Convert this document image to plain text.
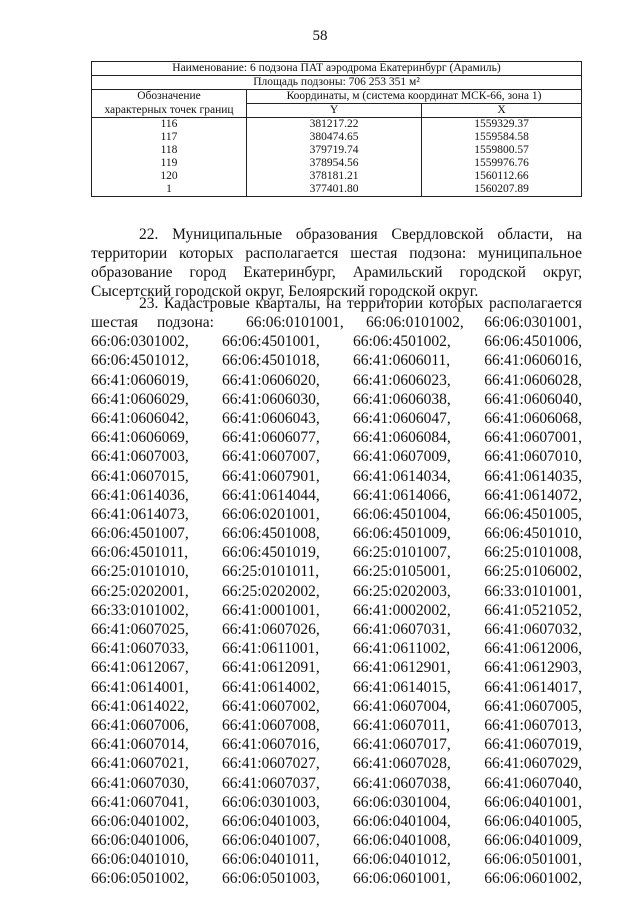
58
Наименование: 6 подзона ПАТ аэродрома Екатеринбург (Арамиль)		
Площадь подзоны: 706 253 351 м²		
Обозначение	Координаты, м (система координат МСК-66, зона 1)	
характерных точек границ	Y	X
116	381217.22	1559329.37
117	380474.65	1559584.58
118	379719.74	1559800.57
119	378954.56	1559976.76
120	378181.21	1560112.66
1	377401.80	1560207.89
22. Муниципальные образования Свердловской области, на
территории которых располагается шестая подзона: муниципальное
образование город Екатеринбург, Арамильский городской округ,
Сысертский городской округ, Белоярский городской округ.
23. Кадастровые кварталы, на территории которых располагается
шестая	подзона:	66:06:0101001,	66:06:0101002,	66:06:0301001,
66:06:0301002,	66:06:4501001,	66:06:4501002,	66:06:4501006,
66:06:4501012,	66:06:4501018,	66:41:0606011,	66:41:0606016,
66:41:0606019,	66:41:0606020,	66:41:0606023,	66:41:0606028,
66:41:0606029,	66:41:0606030,	66:41:0606038,	66:41:0606040,
66:41:0606042,	66:41:0606043,	66:41:0606047,	66:41:0606068,
66:41:0606069,	66:41:0606077,	66:41:0606084,	66:41:0607001,
66:41:0607003,	66:41:0607007,	66:41:0607009,	66:41:0607010,
66:41:0607015,	66:41:0607901,	66:41:0614034,	66:41:0614035,
66:41:0614036,	66:41:0614044,	66:41:0614066,	66:41:0614072,
66:41:0614073,	66:06:0201001,	66:06:4501004,	66:06:4501005,
66:06:4501007,	66:06:4501008,	66:06:4501009,	66:06:4501010,
66:06:4501011,	66:06:4501019,	66:25:0101007,	66:25:0101008,
66:25:0101010,	66:25:0101011,	66:25:0105001,	66:25:0106002,
66:25:0202001,	66:25:0202002,	66:25:0202003,	66:33:0101001,
66:33:0101002,	66:41:0001001,	66:41:0002002,	66:41:0521052,
66:41:0607025,	66:41:0607026,	66:41:0607031,	66:41:0607032,
66:41:0607033,	66:41:0611001,	66:41:0611002,	66:41:0612006,
66:41:0612067,	66:41:0612091,	66:41:0612901,	66:41:0612903,
66:41:0614001,	66:41:0614002,	66:41:0614015,	66:41:0614017,
66:41:0614022,	66:41:0607002,	66:41:0607004,	66:41:0607005,
66:41:0607006,	66:41:0607008,	66:41:0607011,	66:41:0607013,
66:41:0607014,	66:41:0607016,	66:41:0607017,	66:41:0607019,
66:41:0607021,	66:41:0607027,	66:41:0607028,	66:41:0607029,
66:41:0607030,	66:41:0607037,	66:41:0607038,	66:41:0607040,
66:41:0607041,	66:06:0301003,	66:06:0301004,	66:06:0401001,
66:06:0401002,	66:06:0401003,	66:06:0401004,	66:06:0401005,
66:06:0401006,	66:06:0401007,	66:06:0401008,	66:06:0401009,
66:06:0401010,	66:06:0401011,	66:06:0401012,	66:06:0501001,
66:06:0501002,	66:06:0501003,	66:06:0601001,	66:06:0601002,
